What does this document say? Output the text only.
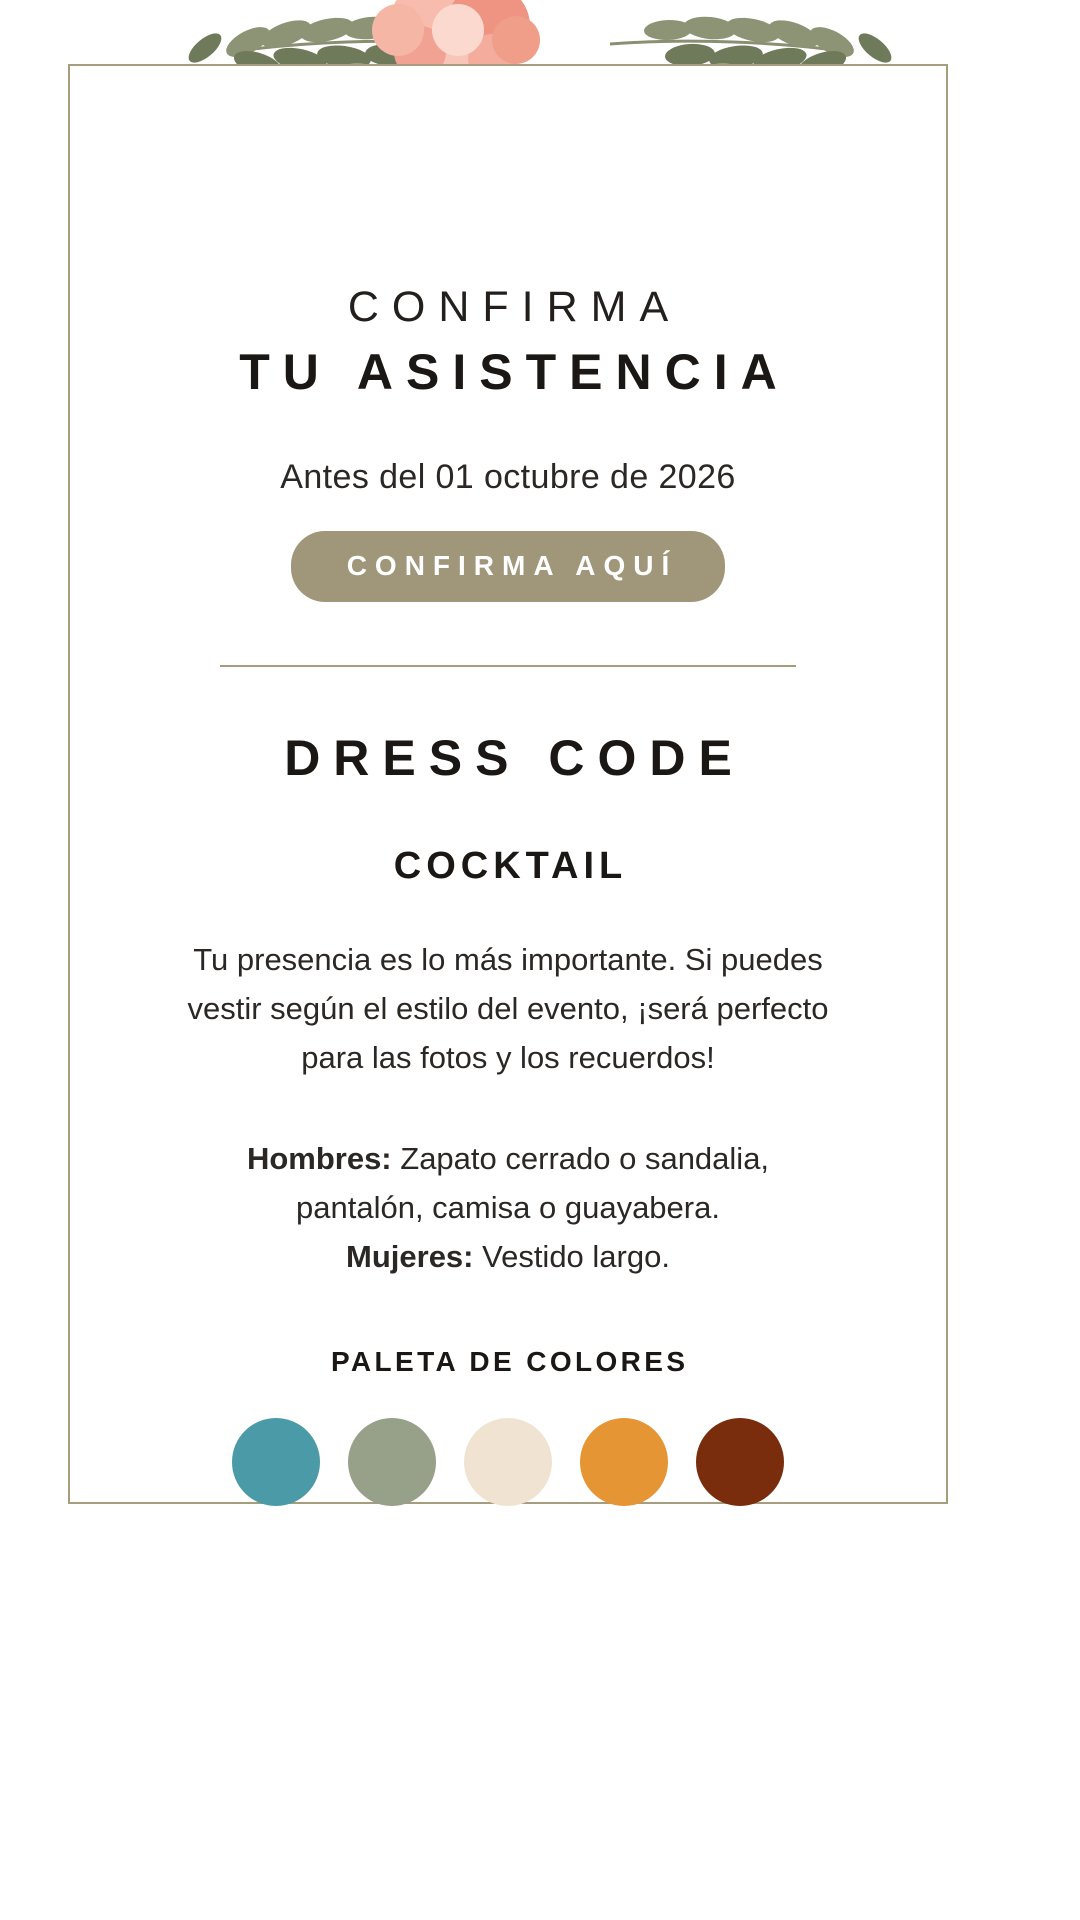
CONFIRMA
TU ASISTENCIA
Antes del 01 octubre de 2026
CONFIRMA AQUÍ
DRESS CODE
COCKTAIL
Tu presencia es lo más importante. Si puedes vestir según el estilo del evento, ¡será perfecto para las fotos y los recuerdos!
Hombres: Zapato cerrado o sandalia, pantalón, camisa o guayabera.
Mujeres: Vestido largo.
PALETA DE COLORES
